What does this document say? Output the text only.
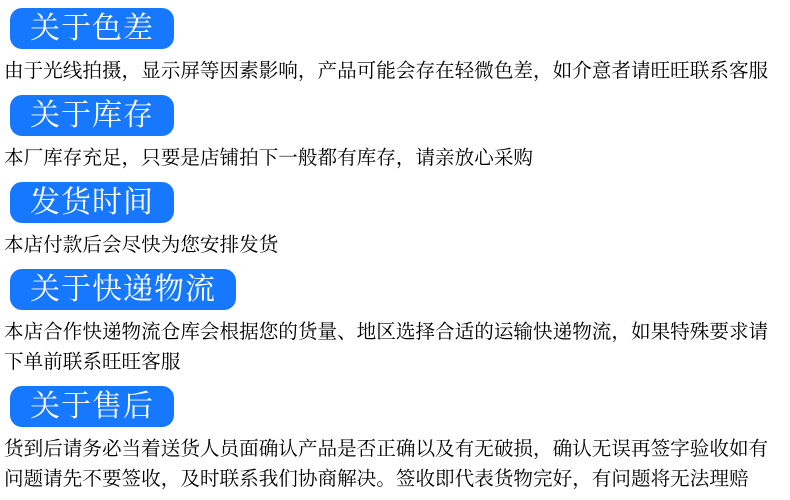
关于色差

由于光线拍摄，显示屏等因素影响，产品可能会存在轻微色差，如介意者请旺旺联系客服

关于库存

本厂库存充足，只要是店铺拍下一般都有库存，请亲放心采购

发货时间

本店付款后会尽快为您安排发货

关于快递物流

本店合作快递物流仓库会根据您的货量、地区选择合适的运输快递物流，如果特殊要求请下单前联系旺旺客服

关于售后

货到后请务必当着送货人员面确认产品是否正确以及有无破损，确认无误再签字验收如有问题请先不要签收，及时联系我们协商解决。签收即代表货物完好，有问题将无法理赔
